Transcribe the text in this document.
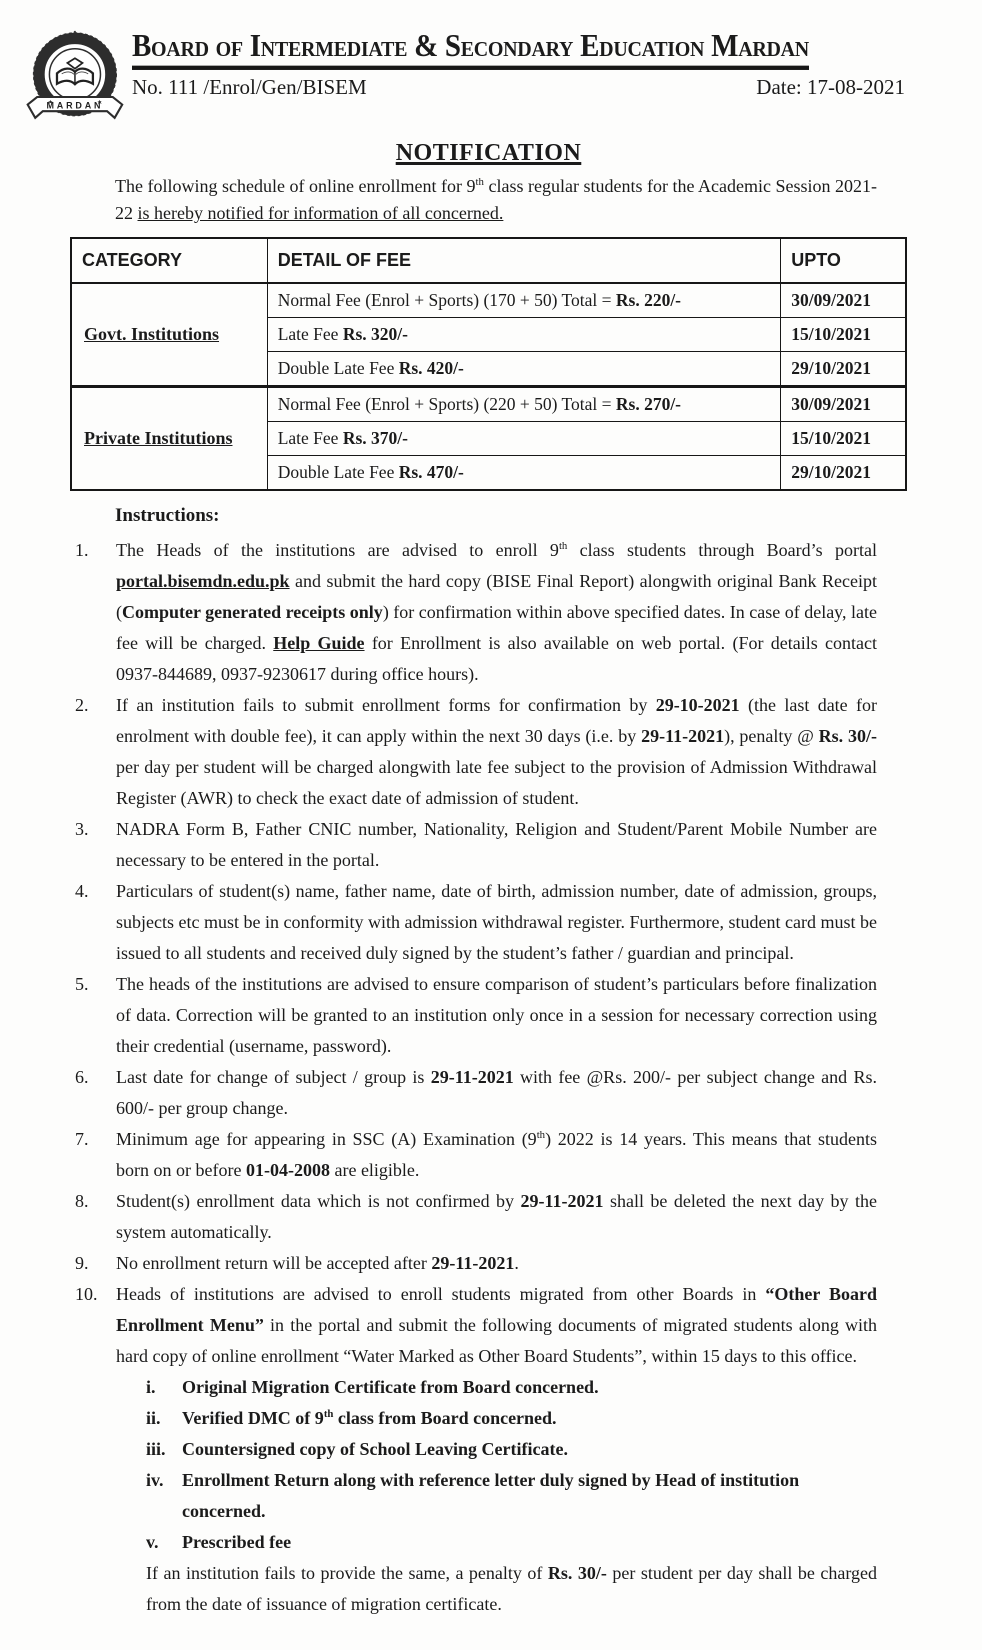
MARDAN
Board of Intermediate & Secondary Education Mardan
No. 111 /Enrol/Gen/BISEM	Date: 17-08-2021
NOTIFICATION

The following schedule of online enrollment for 9th class regular students for the Academic Session 2021-22 is hereby notified for information of all concerned.

CATEGORY	DETAIL OF FEE	UPTO
Govt. Institutions	Normal Fee (Enrol + Sports) (170 + 50) Total = Rs. 220/-	30/09/2021
	Late Fee Rs. 320/-	15/10/2021
	Double Late Fee Rs. 420/-	29/10/2021
Private Institutions	Normal Fee (Enrol + Sports) (220 + 50) Total = Rs. 270/-	30/09/2021
	Late Fee Rs. 370/-	15/10/2021
	Double Late Fee Rs. 470/-	29/10/2021
Instructions:
1.	The Heads of the institutions are advised to enroll 9th class students through Board’s portal portal.bisemdn.edu.pk and submit the hard copy (BISE Final Report) alongwith original Bank Receipt (Computer generated receipts only) for confirmation within above specified dates. In case of delay, late fee will be charged. Help Guide for Enrollment is also available on web portal. (For details contact 0937-844689, 0937-9230617 during office hours).
2.	If an institution fails to submit enrollment forms for confirmation by 29-10-2021 (the last date for enrolment with double fee), it can apply within the next 30 days (i.e. by 29-11-2021), penalty @ Rs. 30/- per day per student will be charged alongwith late fee subject to the provision of Admission Withdrawal Register (AWR) to check the exact date of admission of student.
3.	NADRA Form B, Father CNIC number, Nationality, Religion and Student/Parent Mobile Number are necessary to be entered in the portal.
4.	Particulars of student(s) name, father name, date of birth, admission number, date of admission, groups, subjects etc must be in conformity with admission withdrawal register. Furthermore, student card must be issued to all students and received duly signed by the student’s father / guardian and principal.
5.	The heads of the institutions are advised to ensure comparison of student’s particulars before finalization of data. Correction will be granted to an institution only once in a session for necessary correction using their credential (username, password).
6.	Last date for change of subject / group is 29-11-2021 with fee @Rs. 200/- per subject change and Rs. 600/- per group change.
7.	Minimum age for appearing in SSC (A) Examination (9th) 2022 is 14 years. This means that students born on or before 01-04-2008 are eligible.
8.	Student(s) enrollment data which is not confirmed by 29-11-2021 shall be deleted the next day by the system automatically.
9.	No enrollment return will be accepted after 29-11-2021.
10.	Heads of institutions are advised to enroll students migrated from other Boards in “Other Board Enrollment Menu” in the portal and submit the following documents of migrated students along with hard copy of online enrollment “Water Marked as Other Board Students”, within 15 days to this office.
i.	Original Migration Certificate from Board concerned.
ii.	Verified DMC of 9th class from Board concerned.
iii. Countersigned copy of School Leaving Certificate.
iv.	Enrollment Return along with reference letter duly signed by Head of institution concerned.
v.	Prescribed fee

If an institution fails to provide the same, a penalty of Rs. 30/- per student per day shall be charged from the date of issuance of migration certificate.
